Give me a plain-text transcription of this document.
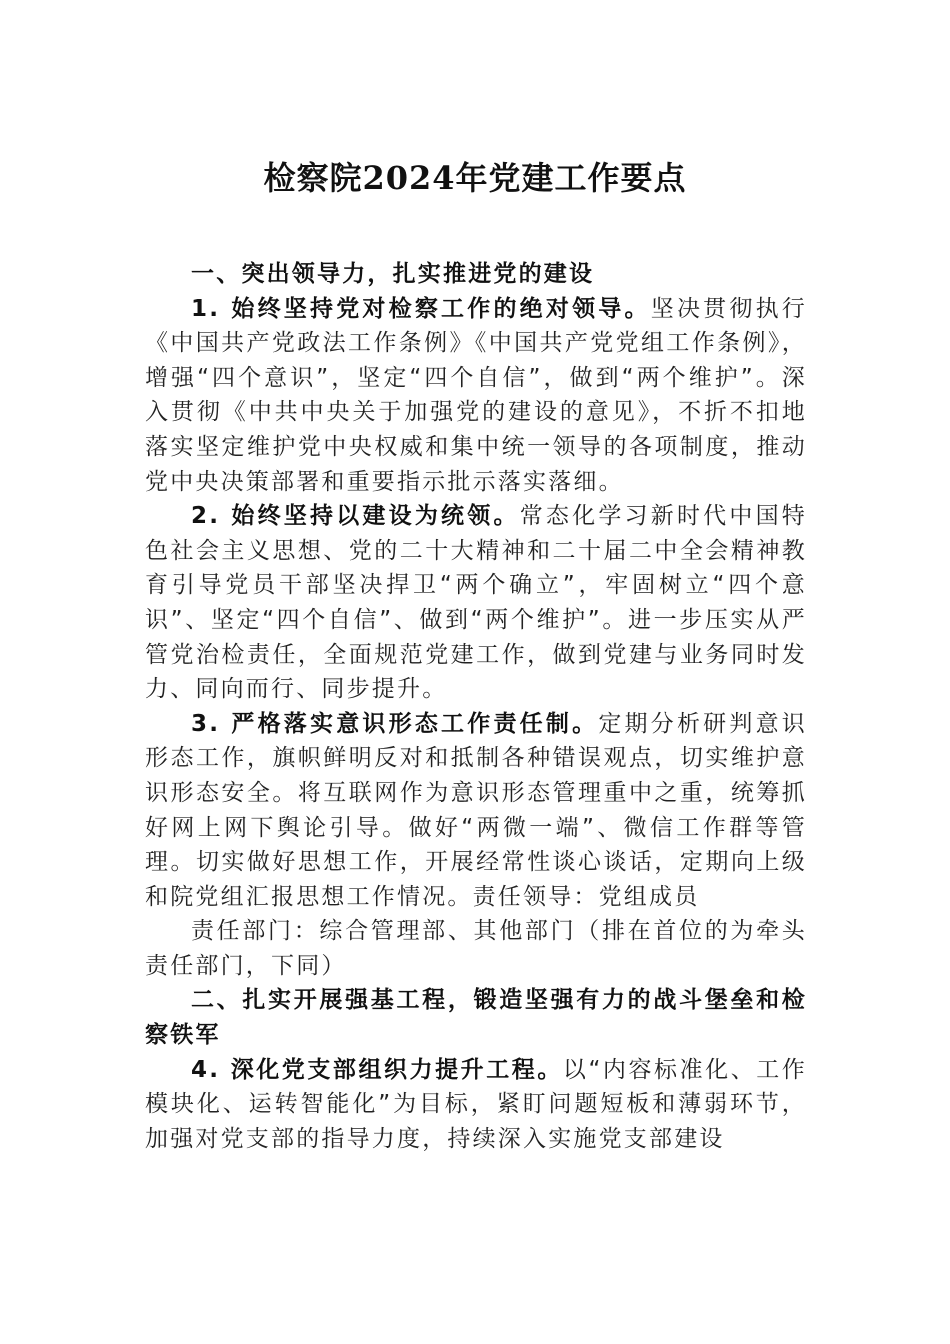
检察院2024年党建工作要点

一、突出领导力，扎实推进党的建设

1. 始终坚持党对检察工作的绝对领导。坚决贯彻执行《中国共产党政法工作条例》《中国共产党党组工作条例》，增强“四个意识”，坚定“四个自信”，做到“两个维护”。深入贯彻《中共中央关于加强党的建设的意见》，不折不扣地落实坚定维护党中央权威和集中统一领导的各项制度，推动党中央决策部署和重要指示批示落实落细。

2. 始终坚持以建设为统领。常态化学习新时代中国特色社会主义思想、党的二十大精神和二十届二中全会精神教育引导党员干部坚决捍卫“两个确立”，牢固树立“四个意识”、坚定“四个自信”、做到“两个维护”。进一步压实从严管党治检责任，全面规范党建工作，做到党建与业务同时发力、同向而行、同步提升。

3. 严格落实意识形态工作责任制。定期分析研判意识形态工作，旗帜鲜明反对和抵制各种错误观点，切实维护意识形态安全。将互联网作为意识形态管理重中之重，统筹抓好网上网下舆论引导。做好“两微一端”、微信工作群等管理。切实做好思想工作，开展经常性谈心谈话，定期向上级和院党组汇报思想工作情况。责任领导：党组成员

责任部门：综合管理部、其他部门（排在首位的为牵头责任部门，下同）

二、扎实开展强基工程，锻造坚强有力的战斗堡垒和检察铁军

4. 深化党支部组织力提升工程。以“内容标准化、工作模块化、运转智能化”为目标，紧盯问题短板和薄弱环节，加强对党支部的指导力度，持续深入实施党支部建设
